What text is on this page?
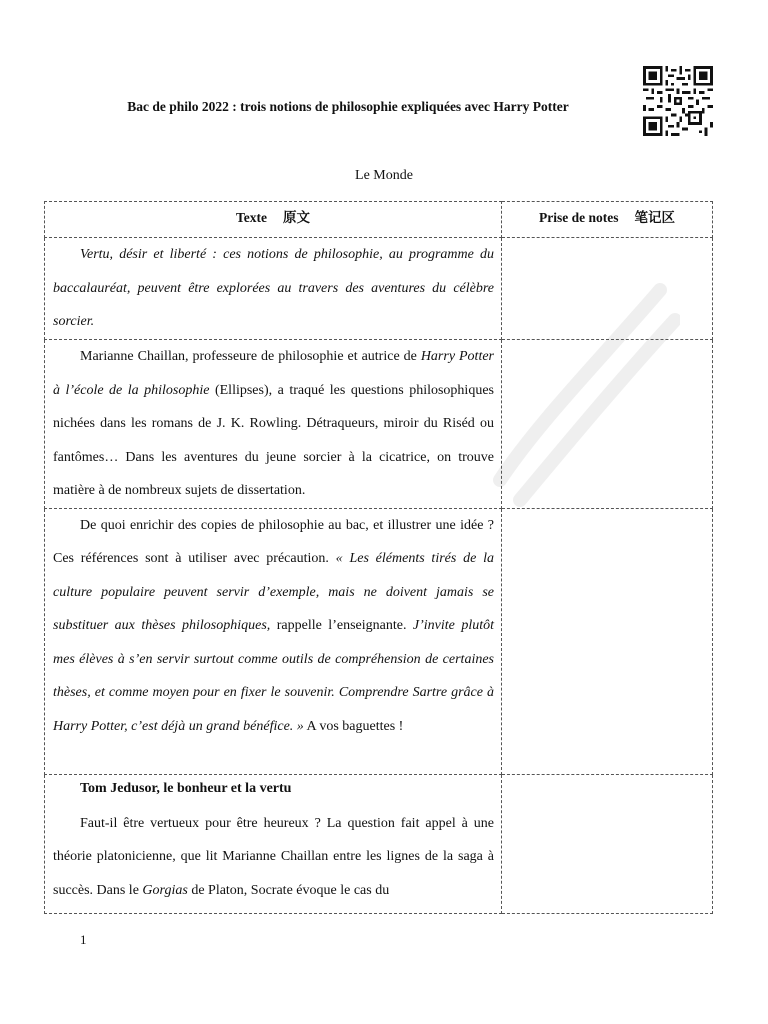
Bac de philo 2022 : trois notions de philosophie expliquées avec Harry Potter

Le Monde

Texte 原文	Prise de notes 笔记区

Vertu, désir et liberté : ces notions de philosophie, au programme du baccalauréat, peuvent être explorées au travers des aventures du célèbre sorcier.	

Marianne Chaillan, professeure de philosophie et autrice de Harry Potter à l’école de la philosophie (Ellipses), a traqué les questions philosophiques nichées dans les romans de J. K. Rowling. Détraqueurs, miroir du Riséd ou fantômes… Dans les aventures du jeune sorcier à la cicatrice, on trouve matière à de nombreux sujets de dissertation.	

De quoi enrichir des copies de philosophie au bac, et illustrer une idée ? Ces références sont à utiliser avec précaution. « Les éléments tirés de la culture populaire peuvent servir d’exemple, mais ne doivent jamais se substituer aux thèses philosophiques, rappelle l’enseignante. J’invite plutôt mes élèves à s’en servir surtout comme outils de compréhension de certaines thèses, et comme moyen pour en fixer le souvenir. Comprendre Sartre grâce à Harry Potter, c’est déjà un grand bénéfice. » A vos baguettes !	

Tom Jedusor, le bonheur et la vertu

Faut-il être vertueux pour être heureux ? La question fait appel à une théorie platonicienne, que lit Marianne Chaillan entre les lignes de la saga à succès. Dans le Gorgias de Platon, Socrate évoque le cas du	

1
